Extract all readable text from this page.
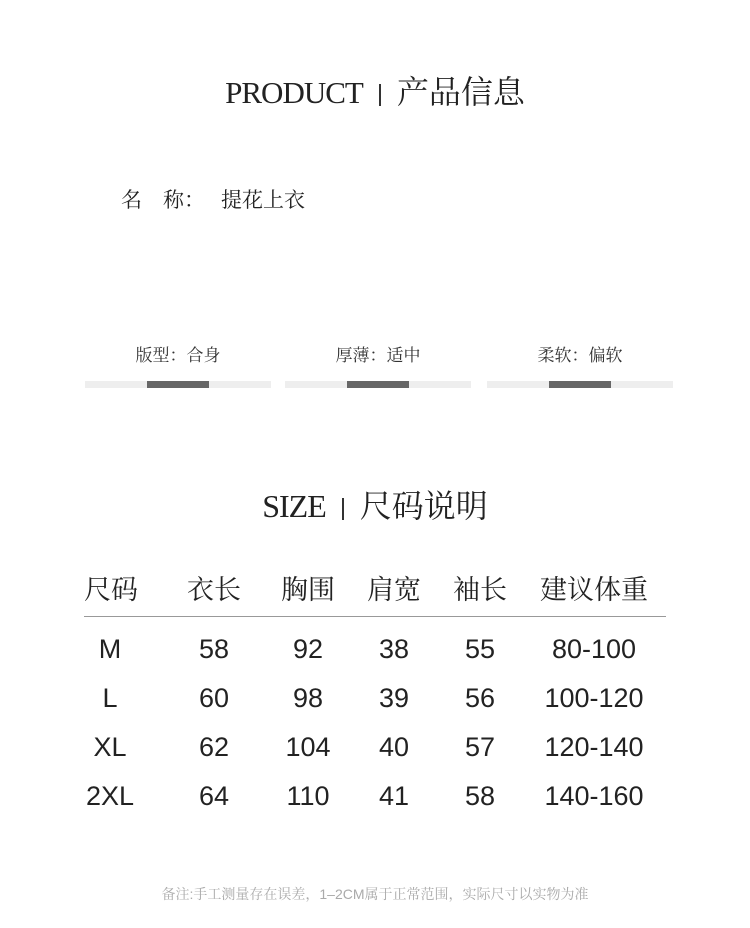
PRODUCT 产品信息
名　称： 提花上衣
版型：合身	厚薄：适中	柔软：偏软
SIZE 尺码说明
尺码	衣长	胸围	肩宽	袖长	建议体重
M	58	92	38	55	80-100
L	60	98	39	56	100-120
XL	62	104	40	57	120-140
2XL	64	110	41	58	140-160
备注:手工测量存在误差，1–2CM属于正常范围，实际尺寸以实物为准
